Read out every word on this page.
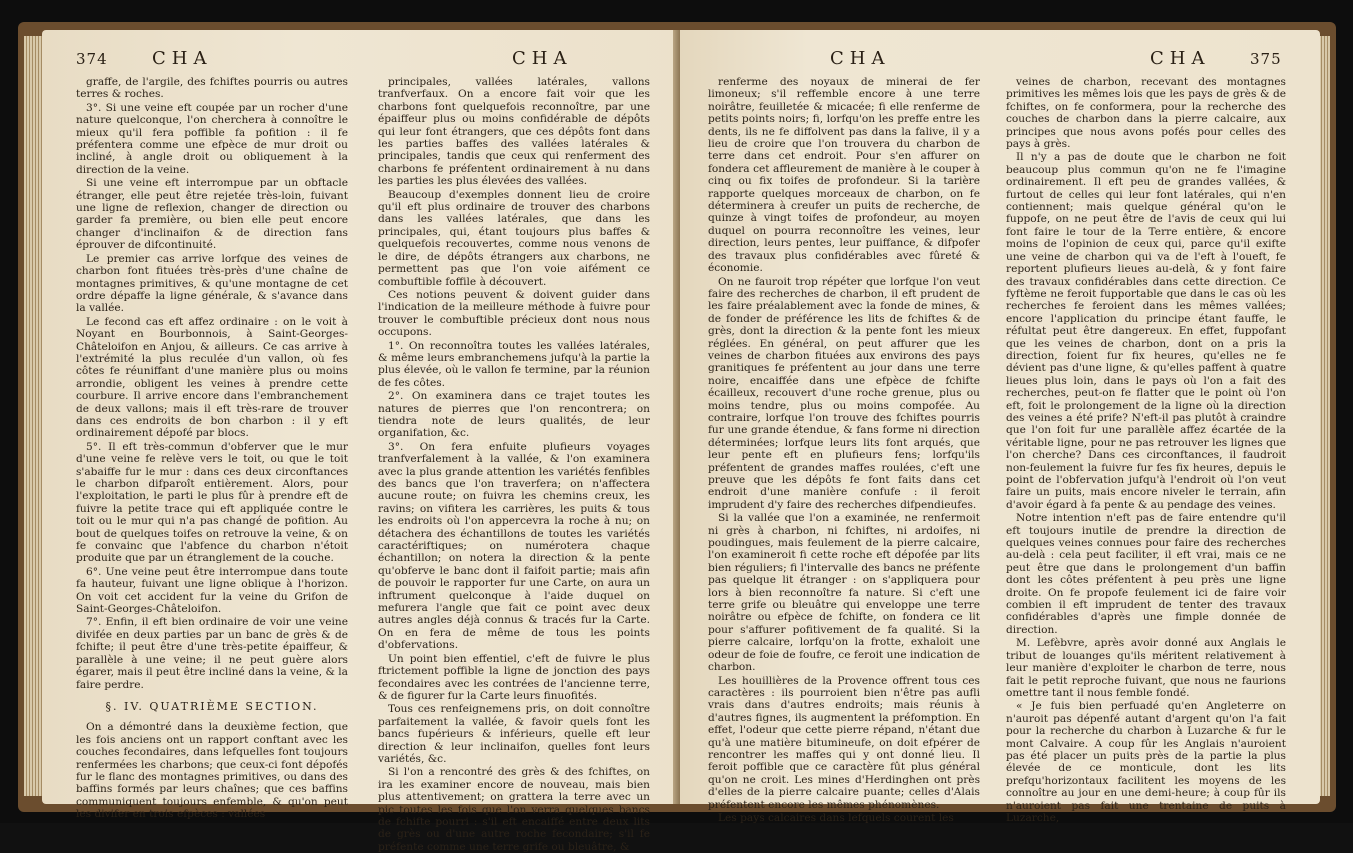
374 CHA	CHA

graffe, de l'argile, des fchiftes pourris ou autres terres & roches.

3°. Si une veine eft coupée par un rocher d'une nature quelconque, l'on cherchera à connoître le mieux qu'il fera poffible fa pofition : il fe préfentera comme une efpèce de mur droit ou incliné, à angle droit ou obliquement à la direction de la veine.

Si une veine eft interrompue par un obftacle étranger, elle peut être rejetée très-loin, fuivant une ligne de reflexion, changer de direction ou garder fa première, ou bien elle peut encore changer d'inclinaifon & de direction fans éprouver de difcontinuité.

Le premier cas arrive lorfque des veines de charbon font fituées très-près d'une chaîne de montagnes primitives, & qu'une montagne de cet ordre dépaffe la ligne générale, & s'avance dans la vallée.

Le fecond cas eft affez ordinaire : on le voit à Noyant en Bourbonnois, à Saint-Georges-Châteloifon en Anjou, & ailleurs. Ce cas arrive à l'extrémité la plus reculée d'un vallon, où fes côtes fe réuniffant d'une manière plus ou moins arrondie, obligent les veines à prendre cette courbure. Il arrive encore dans l'embranchement de deux vallons; mais il eft très-rare de trouver dans ces endroits de bon charbon : il y eft ordinairement dépofé par blocs.

5°. Il eft très-commun d'obferver que le mur d'une veine fe relève vers le toit, ou que le toit s'abaiffe fur le mur : dans ces deux circonftances le charbon difparoît entièrement. Alors, pour l'exploitation, le parti le plus fûr à prendre eft de fuivre la petite trace qui eft appliquée contre le toit ou le mur qui n'a pas changé de pofition. Au bout de quelques toifes on retrouve la veine, & on fe convainc que l'abfence du charbon n'étoit produite que par un étranglement de la couche.

6°. Une veine peut être interrompue dans toute fa hauteur, fuivant une ligne oblique à l'horizon. On voit cet accident fur la veine du Grifon de Saint-Georges-Châteloifon.

7°. Enfin, il eft bien ordinaire de voir une veine divifée en deux parties par un banc de grès & de fchifte; il peut être d'une très-petite épaiffeur, & parallèle à une veine; il ne peut guère alors égarer, mais il peut être incliné dans la veine, & la faire perdre.

§. IV. QUATRIÈME SECTION.

On a démontré dans la deuxième fection, que les fois anciens ont un rapport conftant avec les couches fecondaires, dans lefquelles font toujours renfermées les charbons; que ceux-ci font dépofés fur le flanc des montagnes primitives, ou dans des baffins formés par leurs chaînes; que ces baffins communiquent toujours enfemble, & qu'on peut les divifer en trois efpèces : vallées

principales, vallées latérales, vallons tranfverfaux. On a encore fait voir que les charbons font quelquefois reconnoître, par une épaiffeur plus ou moins confidérable de dépôts qui leur font étrangers, que ces dépôts font dans les parties baffes des vallées latérales & principales, tandis que ceux qui renferment des charbons fe préfentent ordinairement à nu dans les parties les plus élevées des vallées.

Beaucoup d'exemples donnent lieu de croire qu'il eft plus ordinaire de trouver des charbons dans les vallées latérales, que dans les principales, qui, étant toujours plus baffes & quelquefois recouvertes, comme nous venons de le dire, de dépôts étrangers aux charbons, ne permettent pas que l'on voie aifément ce combuftible foffile à découvert.

Ces notions peuvent & doivent guider dans l'indication de la meilleure méthode à fuivre pour trouver le combuftible précieux dont nous nous occupons.

1°. On reconnoîtra toutes les vallées latérales, & même leurs embranchemens jufqu'à la partie la plus élevée, où le vallon fe termine, par la réunion de fes côtes.

2°. On examinera dans ce trajet toutes les natures de pierres que l'on rencontrera; on tiendra note de leurs qualités, de leur organifation, &c.

3°. On fera enfuite plufieurs voyages tranfverfalement à la vallée, & l'on examinera avec la plus grande attention les variétés fenfibles des bancs que l'on traverfera; on n'affectera aucune route; on fuivra les chemins creux, les ravins; on vifitera les carrières, les puits & tous les endroits où l'on appercevra la roche à nu; on détachera des échantillons de toutes les variétés caractériftiques; on numérotera chaque échantillon; on notera la direction & la pente qu'obferve le banc dont il faifoit partie; mais afin de pouvoir le rapporter fur une Carte, on aura un inftrument quelconque à l'aide duquel on mefurera l'angle que fait ce point avec deux autres angles déjà connus & tracés fur la Carte. On en fera de même de tous les points d'obfervations.

Un point bien effentiel, c'eft de fuivre le plus ftrictement poffible la ligne de jonction des pays fecondaires avec les contrées de l'ancienne terre, & de figurer fur la Carte leurs finuofités.

Tous ces renfeignemens pris, on doit connoître parfaitement la vallée, & favoir quels font les bancs fupérieurs & inférieurs, quelle eft leur direction & leur inclinaifon, quelles font leurs variétés, &c.

Si l'on a rencontré des grès & des fchiftes, on ira les examiner encore de nouveau, mais bien plus attentivement; on grattera la terre avec un pic toutes les fois que l'on verra quelques bancs de fchifte pourri : s'il eft encaiffé entre deux lits de grès ou d'une autre roche fecondaire; s'il fe préfente comme une terre grife ou bleuâtre, &

CHA	CHA	375

renferme des noyaux de minerai de fer limoneux; s'il reffemble encore à une terre noirâtre, feuilletée & micacée; fi elle renferme de petits points noirs; fi, lorfqu'on les preffe entre les dents, ils ne fe diffolvent pas dans la falive, il y a lieu de croire que l'on trouvera du charbon de terre dans cet endroit. Pour s'en affurer on fondera cet affleurement de manière à le couper à cinq ou fix toifes de profondeur. Si la tarière rapporte quelques morceaux de charbon, on fe déterminera à creufer un puits de recherche, de quinze à vingt toifes de profondeur, au moyen duquel on pourra reconnoître les veines, leur direction, leurs pentes, leur puiffance, & difpofer des travaux plus confidérables avec fûreté & économie.

On ne fauroit trop répéter que lorfque l'on veut faire des recherches de charbon, il eft prudent de les faire préalablement avec la fonde de mines, & de fonder de préférence les lits de fchiftes & de grès, dont la direction & la pente font les mieux réglées. En général, on peut affurer que les veines de charbon fituées aux environs des pays granitiques fe préfentent au jour dans une terre noire, encaiffée dans une efpèce de fchifte écailleux, recouvert d'une roche grenue, plus ou moins tendre, plus ou moins compofée. Au contraire, lorfque l'on trouve des fchiftes pourris fur une grande étendue, & fans forme ni direction déterminées; lorfque leurs lits font arqués, que leur pente eft en plufieurs fens; lorfqu'ils préfentent de grandes maffes roulées, c'eft une preuve que les dépôts fe font faits dans cet endroit d'une manière confufe : il feroit imprudent d'y faire des recherches difpendieufes.

Si la vallée que l'on a examinée, ne renfermoit ni grès à charbon, ni fchiftes, ni ardoifes, ni poudingues, mais feulement de la pierre calcaire, l'on examineroit fi cette roche eft dépofée par lits bien réguliers; fi l'intervalle des bancs ne préfente pas quelque lit étranger : on s'appliquera pour lors à bien reconnoître fa nature. Si c'eft une terre grife ou bleuâtre qui enveloppe une terre noirâtre ou efpèce de fchifte, on fondera ce lit pour s'affurer pofitivement de fa qualité. Si la pierre calcaire, lorfqu'on la frotte, exhaloit une odeur de foie de foufre, ce feroit une indication de charbon.

Les houillières de la Provence offrent tous ces caractères : ils pourroient bien n'être pas aufli vrais dans d'autres endroits; mais réunis à d'autres fignes, ils augmentent la préfomption. En effet, l'odeur que cette pierre répand, n'étant due qu'à une matière bitumineufe, on doit efpérer de rencontrer les maffes qui y ont donné lieu. Il feroit poffible que ce caractère fût plus général qu'on ne croit. Les mines d'Herdinghen ont près d'elles de la pierre calcaire puante; celles d'Alais préfentent encore les mêmes phénomènes.

Les pays calcaires dans lefquels courent les

veines de charbon, recevant des montagnes primitives les mêmes lois que les pays de grès & de fchiftes, on fe conformera, pour la recherche des couches de charbon dans la pierre calcaire, aux principes que nous avons pofés pour celles des pays à grès.

Il n'y a pas de doute que le charbon ne foit beaucoup plus commun qu'on ne fe l'imagine ordinairement. Il eft peu de grandes vallées, & furtout de celles qui leur font latérales, qui n'en contiennent; mais quelque général qu'on le fuppofe, on ne peut être de l'avis de ceux qui lui font faire le tour de la Terre entière, & encore moins de l'opinion de ceux qui, parce qu'il exifte une veine de charbon qui va de l'eft à l'oueft, fe reportent plufieurs lieues au-delà, & y font faire des travaux confidérables dans cette direction. Ce fyftème ne feroit fupportable que dans le cas où les recherches fe feroient dans les mêmes vallées; encore l'application du principe étant fauffe, le réfultat peut être dangereux. En effet, fuppofant que les veines de charbon, dont on a pris la direction, foient fur fix heures, qu'elles ne fe dévient pas d'une ligne, & qu'elles paffent à quatre lieues plus loin, dans le pays où l'on a fait des recherches, peut-on fe flatter que le point où l'on eft, foit le prolongement de la ligne où la direction des veines a été prife? N'eft-il pas plutôt à craindre que l'on foit fur une parallèle affez écartée de la véritable ligne, pour ne pas retrouver les lignes que l'on cherche? Dans ces circonftances, il faudroit non-feulement la fuivre fur fes fix heures, depuis le point de l'obfervation jufqu'à l'endroit où l'on veut faire un puits, mais encore niveler le terrain, afin d'avoir égard à fa pente & au pendage des veines.

Notre intention n'eft pas de faire entendre qu'il eft toujours inutile de prendre la direction de quelques veines connues pour faire des recherches au-delà : cela peut faciliter, il eft vrai, mais ce ne peut être que dans le prolongement d'un baffin dont les côtes préfentent à peu près une ligne droite. On fe propofe feulement ici de faire voir combien il eft imprudent de tenter des travaux confidérables d'après une fimple donnée de direction.

M. Lefèbvre, après avoir donné aux Anglais le tribut de louanges qu'ils méritent relativement à leur manière d'exploiter le charbon de terre, nous fait le petit reproche fuivant, que nous ne faurions omettre tant il nous femble fondé.

« Je fuis bien perfuadé qu'en Angleterre on n'auroit pas dépenfé autant d'argent qu'on l'a fait pour la recherche du charbon à Luzarche & fur le mont Calvaire. A coup fûr les Anglais n'auroient pas été placer un puits près de la partie la plus élevée de ce monticule, dont les lits prefqu'horizontaux facilitent les moyens de les connoître au jour en une demi-heure; à coup fûr ils n'auroient pas fait une trentaine de puits à Luzarche,
